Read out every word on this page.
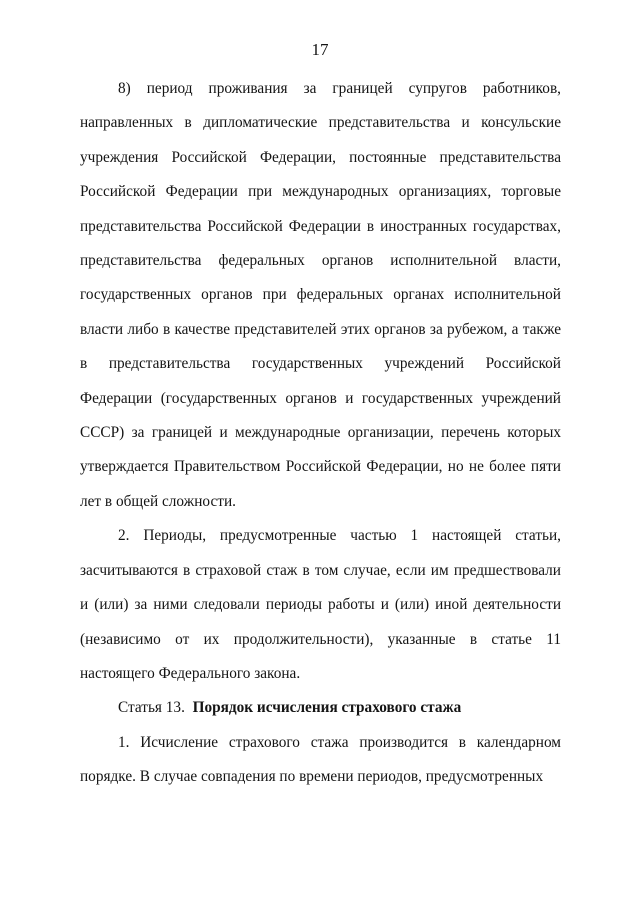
17

8) период проживания за границей супругов работников, направленных в дипломатические представительства и консульские учреждения Российской Федерации, постоянные представительства Российской Федерации при международных организациях, торговые представительства Российской Федерации в иностранных государствах, представительства федеральных органов исполнительной власти, государственных органов при федеральных органах исполнительной власти либо в качестве представителей этих органов за рубежом, а также в представительства государственных учреждений Российской Федерации (государственных органов и государственных учреждений СССР) за границей и международные организации, перечень которых утверждается Правительством Российской Федерации, но не более пяти лет в общей сложности.

2. Периоды, предусмотренные частью 1 настоящей статьи, засчитываются в страховой стаж в том случае, если им предшествовали и (или) за ними следовали периоды работы и (или) иной деятельности (независимо от их продолжительности), указанные в статье 11 настоящего Федерального закона.

Статья 13. Порядок исчисления страхового стажа

1. Исчисление страхового стажа производится в календарном порядке. В случае совпадения по времени периодов, предусмотренных
